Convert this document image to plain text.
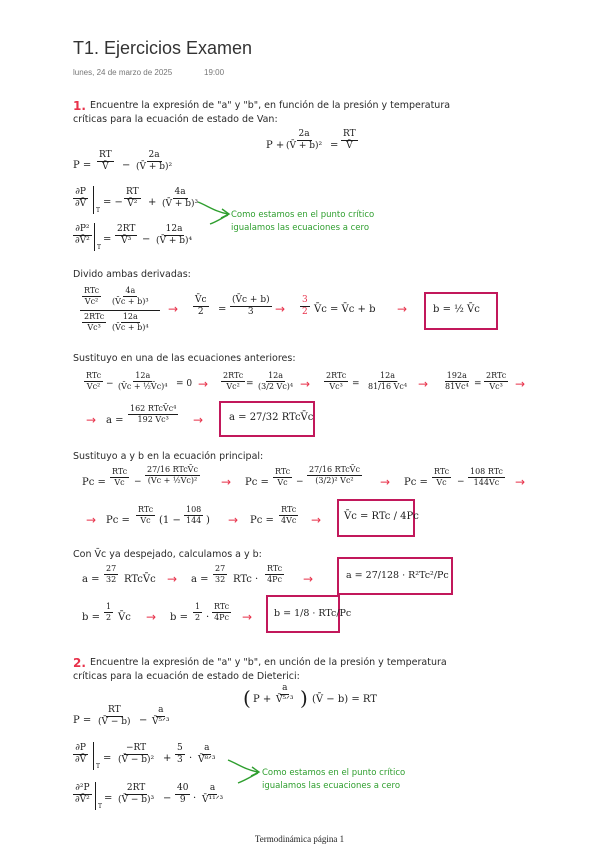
T1. Ejercicios Examen
lunes, 24 de marzo de 2025	19:00
1. Encuentre la expresión de "a" y "b", en función de la presión y temperatura
críticas para la ecuación de estado de Van:
P +
2a
(V̄ + b)² =
RT
V̄
P =
RT
V̄ −
2a
(V̄ + b)²
∂P
∂V̄
T
= −
RT
V̄² +
4a
(V̄ + b)³
∂P²
∂V̄²
T
=
2RT
V̄³ −
12a
(V̄ + b)⁴
Como estamos en el punto crítico
igualamos las ecuaciones a cero
Divido ambas derivadas:
RTc
V̄c²
4a
(V̄c + b)³
2RTc
V̄c³
12a
(V̄c + b)⁴
→
V̄c
2 =
(V̄c + b)
3 →
3
2 V̄c = V̄c + b →	b = ½ V̄c
Sustituyo en una de las ecuaciones anteriores:
RTc
V̄c² −
12a
(V̄c + ½V̄c)⁴ = 0 →
2RTc
V̄c² =
12a
(3/2 V̄c)⁴ →
2RTc
V̄c³ =
12a
81/16 V̄c⁴ →
192a
81V̄c⁴ =
2RTc
V̄c³ →
→ a =
162 RTcV̄c⁴
192 V̄c³ →	a = 27/32 RTcV̄c
Sustituyo a y b en la ecuación principal:
Pc =
RTc
V̄c −
27/16 RTcV̄c
(V̄c + ½V̄c)² → Pc =
RTc
V̄c −
27/16 RTcV̄c
(3/2)² V̄c² → Pc =
RTc
V̄c −
108 RTc
144V̄c →
→ Pc =
RTc
V̄c (1 −
108
144 ) → Pc =
RTc
4V̄c → V̄c = RTc / 4Pc
Con V̄c ya despejado, calculamos a y b:
a =
27
32 RTcV̄c → a =
27
32 RTc ·
RTc
4Pc →	a = 27/128 · R²Tc²/Pc
b =
1
2 V̄c → b =
1
2 ·
RTc
4Pc → b = 1/8 · RTc/Pc
2. Encuentre la expresión de "a" y "b", en unción de la presión y temperatura
críticas para la ecuación de estado de Dieterici:
( P +
a
V̄⁵ᐟ³ ) (V̄ − b) = RT
P =
RT
(V̄ − b) −
a
V̄⁵ᐟ³
∂P
∂V̄
T
=
−RT
(V̄ − b)² +
5
3 ·
a
V̄⁸ᐟ³
∂²P
∂V̄²
T
=
2RT
(V̄ − b)³ −
40
9 ·
a
V̄¹¹ᐟ³
Como estamos en el punto crítico
igualamos las ecuaciones a cero
Termodinámica página 1
